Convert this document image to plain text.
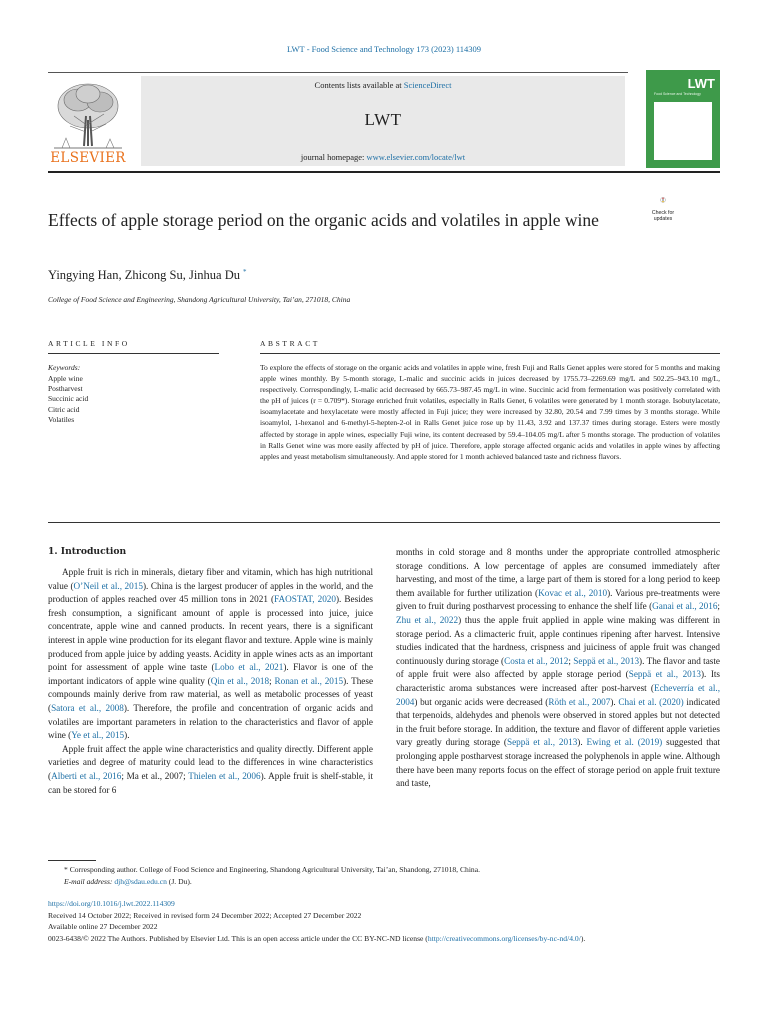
LWT - Food Science and Technology 173 (2023) 114309
ELSEVIER
Contents lists available at ScienceDirect
LWT
journal homepage: www.elsevier.com/locate/lwt
LWT
Food Science and Technology
Effects of apple storage period on the organic acids and volatiles in apple wine	Check for
updates
Yingying Han, Zhicong Su, Jinhua Du *
College of Food Science and Engineering, Shandong Agricultural University, Tai’an, 271018, China
ARTICLE INFO	ABSTRACT
Keywords:
Apple wine
Postharvest
Succinic acid
Citric acid
Volatiles
To explore the effects of storage on the organic acids and volatiles in apple wine, fresh Fuji and Ralls Genet apples were stored for 5 months and making apple wines monthly. By 5-month storage, L-malic and succinic acids in juices decreased by 1755.73–2269.69 mg/L and 502.25–943.10 mg/L, respectively. Correspondingly, L-malic acid decreased by 665.73–987.45 mg/L in wine. Succinic acid from fermentation was positively correlated with the pH of juices (r = 0.709*). Storage enriched fruit volatiles, especially in Ralls Genet, 6 volatiles were generated by 1 month storage. Isobutylacetate, isoamylacetate and hexylacetate were mostly affected in Fuji juice; they were increased by 32.80, 20.54 and 7.99 times by 3 months storage. While isoamylol, 1-hexanol and 6-methyl-5-hepten-2-ol in Ralls Genet juice rose up by 11.43, 3.92 and 137.37 times during storage. Esters were mostly affected by storage in apple wines, especially Fuji wine, its content decreased by 59.4–104.05 mg/L after 5 months storage. The production of volatiles in Ralls Genet wine was more easily affected by pH of juice. Therefore, apple storage affected organic acids and volatiles in apple wines by affecting apples and yeast metabolism simultaneously. And apple stored for 1 month achieved balanced taste and richness flavors.
1. Introduction

Apple fruit is rich in minerals, dietary fiber and vitamin, which has high nutritional value (O’Neil et al., 2015). China is the largest producer of apples in the world, and the production of apples reached over 45 million tons in 2021 (FAOSTAT, 2020). Besides fresh consumption, a significant amount of apple is processed into juice, juice concentrate, apple wine and canned products. In recent years, there is a significant interest in apple wine production for its elegant flavor and texture. Apple wine is mainly produced from apple juice by adding yeasts. Acidity in apple wines acts as an important point for assessment of apple wine taste (Lobo et al., 2021). Flavor is one of the important indicators of apple wine quality (Qin et al., 2018; Ronan et al., 2015). These compounds mainly derive from raw material, as well as metabolic processes of yeast (Satora et al., 2008). Therefore, the profile and concentration of organic acids and volatiles are important parameters in relation to the characteristics and flavor of apple wine (Ye et al., 2015).

Apple fruit affect the apple wine characteristics and quality directly. Different apple varieties and degree of maturity could lead to the differences in wine characteristics (Alberti et al., 2016; Ma et al., 2007; Thielen et al., 2006). Apple fruit is shelf-stable, it can be stored for 6

months in cold storage and 8 months under the appropriate controlled atmospheric storage conditions. A low percentage of apples are consumed immediately after harvesting, and most of the time, a large part of them is stored for a long period to keep them available for further utilization (Kovac et al., 2010). Various pre-treatments were given to fruit during postharvest processing to enhance the shelf life (Ganai et al., 2016; Zhu et al., 2022) thus the apple fruit applied in apple wine making was different in storage period. As a climacteric fruit, apple continues ripening after harvest. Intensive studies indicated that the hardness, crispness and juiciness of apple fruit was changed continuously during storage (Costa et al., 2012; Seppä et al., 2013). The flavor and taste of apple fruit were also affected by apple storage period (Seppä et al., 2013). Its characteristic aroma substances were increased after post-harvest (Echeverría et al., 2004) but organic acids were decreased (Röth et al., 2007). Chai et al. (2020) indicated that terpenoids, aldehydes and phenols were observed in stored apples but not detected in the fruit before storage. In addition, the texture and flavor of different apple varieties vary greatly during storage (Seppä et al., 2013). Ewing et al. (2019) suggested that prolonging apple postharvest storage increased the polyphenols in apple wine. Although there have been many reports focus on the effect of storage period on apple fruit texture and taste,

* Corresponding author. College of Food Science and Engineering, Shandong Agricultural University, Tai’an, Shandong, 271018, China.
E-mail address: djh@sdau.edu.cn (J. Du).
https://doi.org/10.1016/j.lwt.2022.114309
Received 14 October 2022; Received in revised form 24 December 2022; Accepted 27 December 2022
Available online 27 December 2022
0023-6438/© 2022 The Authors. Published by Elsevier Ltd. This is an open access article under the CC BY-NC-ND license (http://creativecommons.org/licenses/by-nc-nd/4.0/).
